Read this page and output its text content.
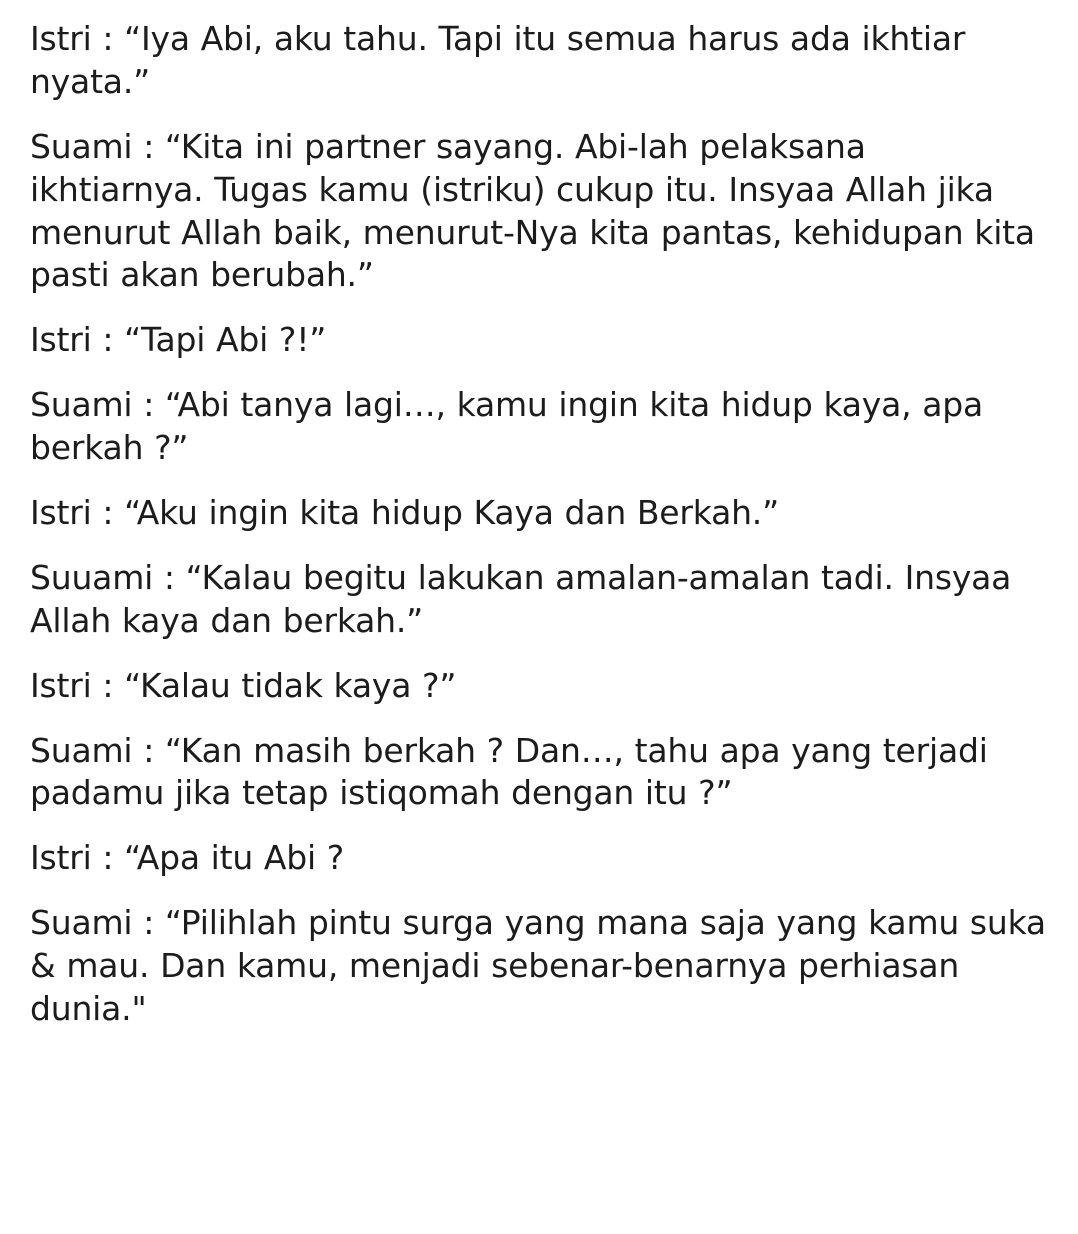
Istri : “Iya Abi, aku tahu. Tapi itu semua harus ada ikhtiar nyata.”

Suami : “Kita ini partner sayang. Abi-lah pelaksana ikhtiarnya. Tugas kamu (istriku) cukup itu. Insyaa Allah jika menurut Allah baik, menurut-Nya kita pantas, kehidupan kita pasti akan berubah.”

Istri : “Tapi Abi ?!”

Suami : “Abi tanya lagi…, kamu ingin kita hidup kaya, apa berkah ?”

Istri : “Aku ingin kita hidup Kaya dan Berkah.”

Suuami : “Kalau begitu lakukan amalan-amalan tadi. Insyaa Allah kaya dan berkah.”

Istri : “Kalau tidak kaya ?”

Suami : “Kan masih berkah ? Dan…, tahu apa yang terjadi padamu jika tetap istiqomah dengan itu ?”

Istri : “Apa itu Abi ?

Suami : “Pilihlah pintu surga yang mana saja yang kamu suka & mau. Dan kamu, menjadi sebenar-benarnya perhiasan dunia."
